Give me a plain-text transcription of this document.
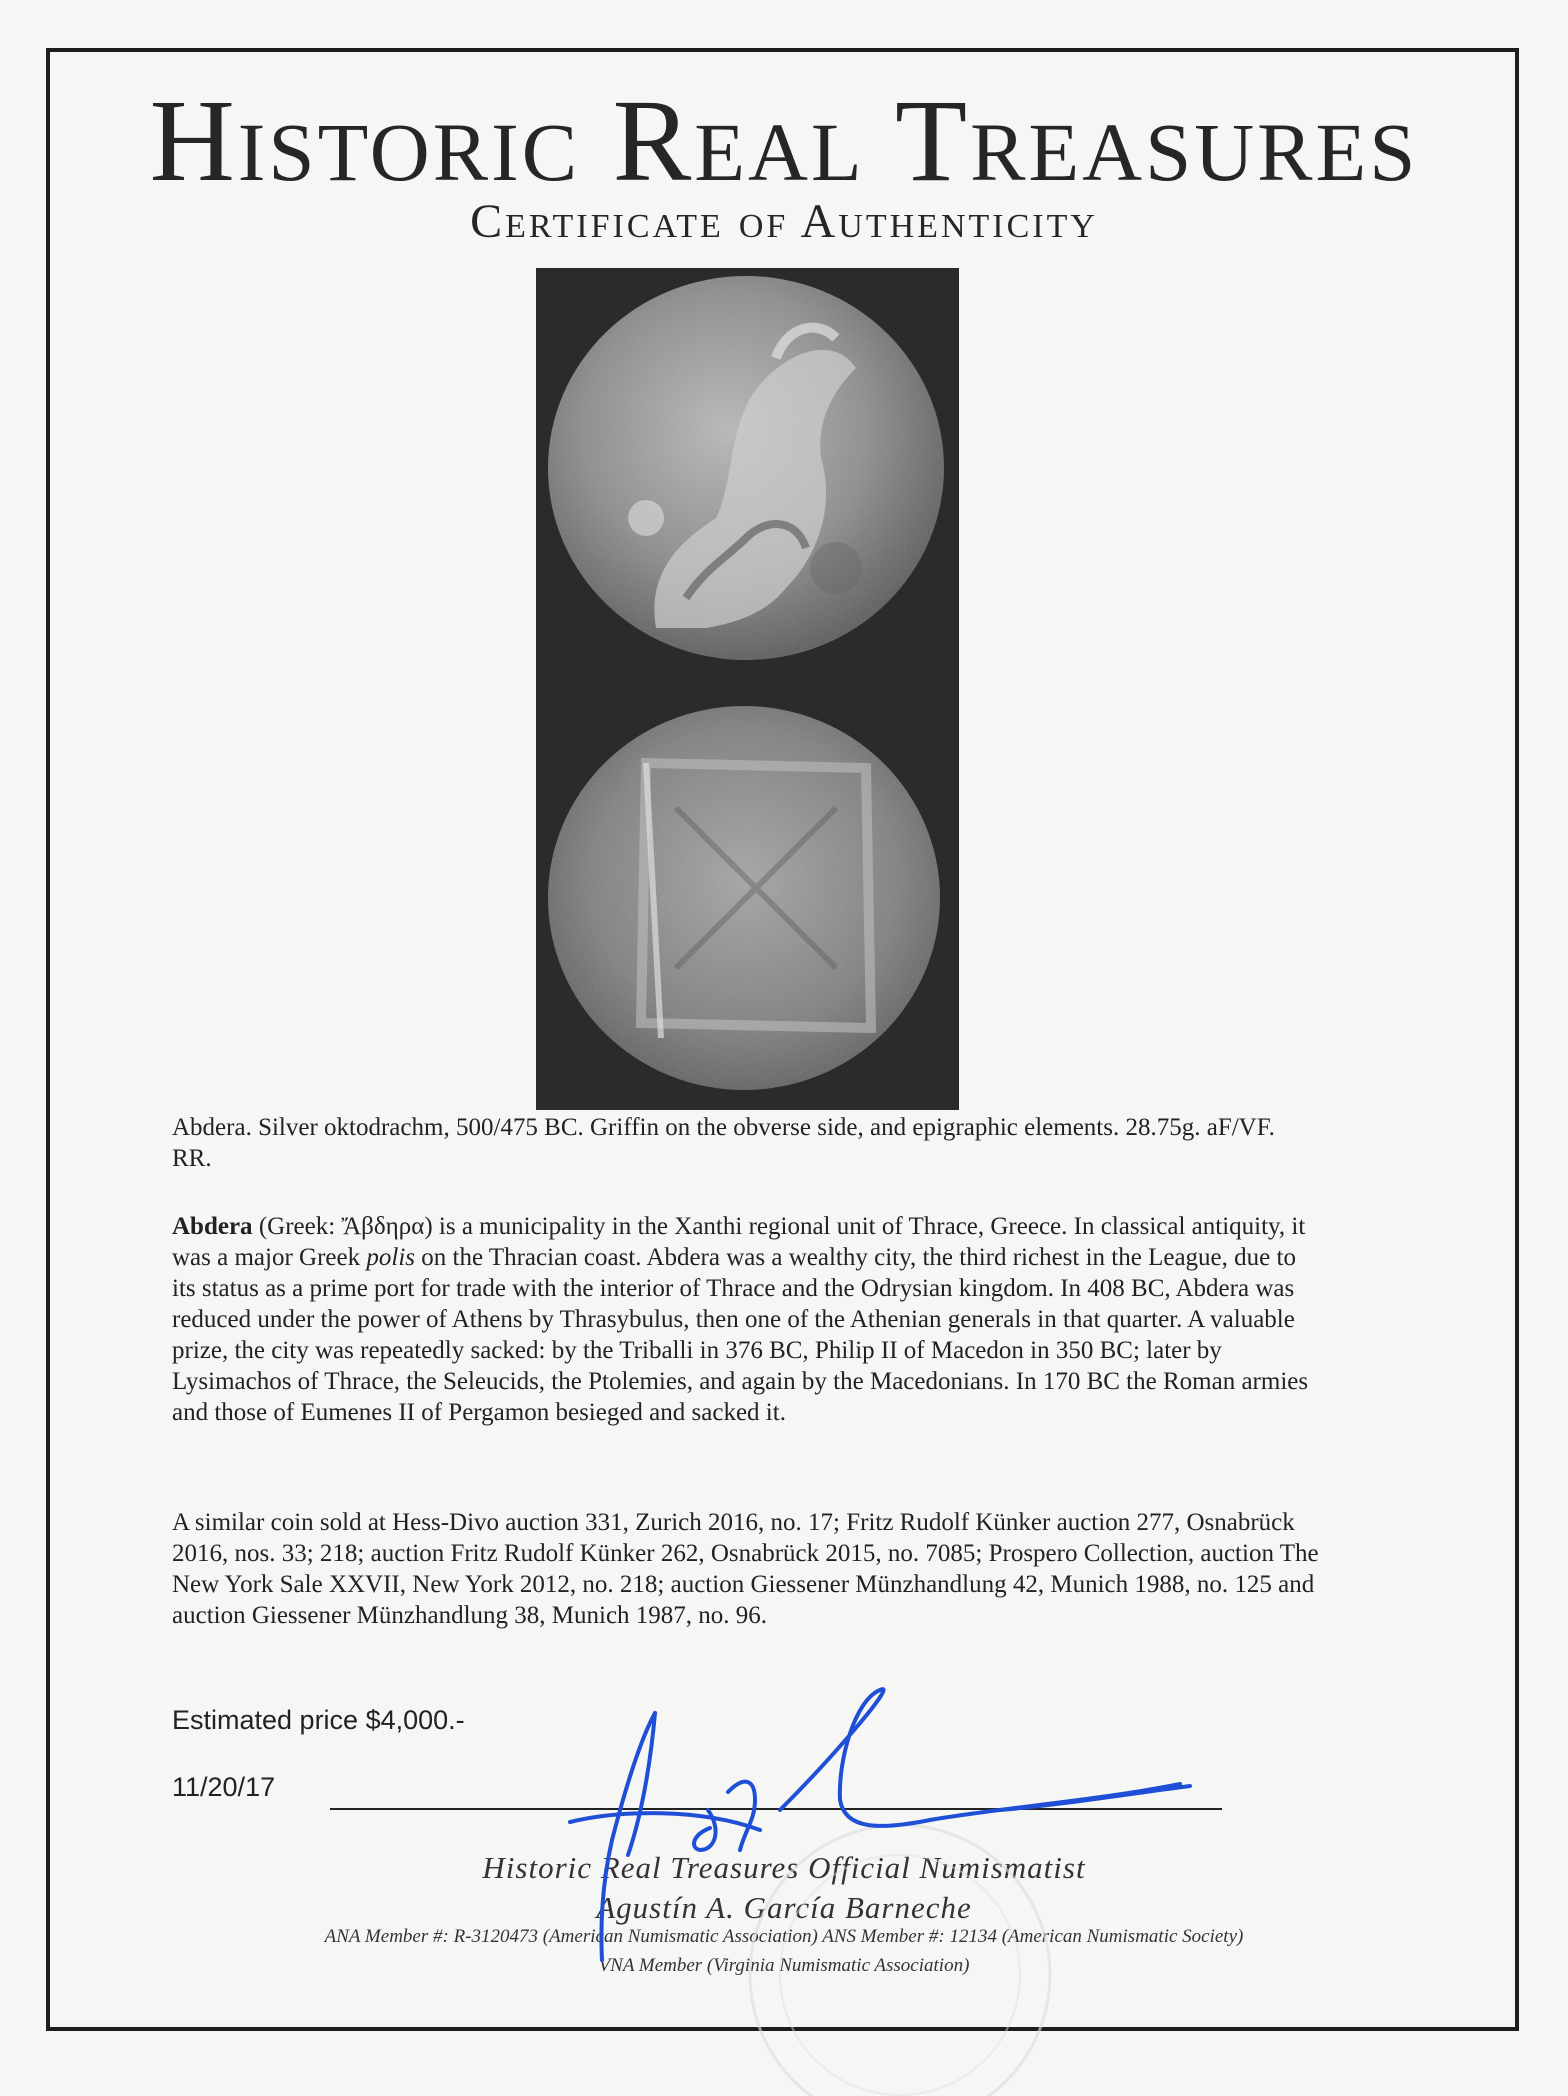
Historic Real Treasures
Certificate of Authenticity
Abdera. Silver oktodrachm, 500/475 BC. Griffin on the obverse side, and epigraphic elements. 28.75g. aF/VF. RR.
Abdera (Greek: Ἄβδηρα) is a municipality in the Xanthi regional unit of Thrace, Greece. In classical antiquity, it was a major Greek polis on the Thracian coast. Abdera was a wealthy city, the third richest in the League, due to its status as a prime port for trade with the interior of Thrace and the Odrysian kingdom. In 408 BC, Abdera was reduced under the power of Athens by Thrasybulus, then one of the Athenian generals in that quarter. A valuable prize, the city was repeatedly sacked: by the Triballi in 376 BC, Philip II of Macedon in 350 BC; later by Lysimachos of Thrace, the Seleucids, the Ptolemies, and again by the Macedonians. In 170 BC the Roman armies and those of Eumenes II of Pergamon besieged and sacked it.
A similar coin sold at Hess-Divo auction 331, Zurich 2016, no. 17; Fritz Rudolf Künker auction 277, Osnabrück 2016, nos. 33; 218; auction Fritz Rudolf Künker 262, Osnabrück 2015, no. 7085; Prospero Collection, auction The New York Sale XXVII, New York 2012, no. 218; auction Giessener Münzhandlung 42, Munich 1988, no. 125 and auction Giessener Münzhandlung 38, Munich 1987, no. 96.
Estimated price $4,000.-
11/20/17
Historic Real Treasures Official Numismatist
Agustín A. García Barneche
ANA Member #: R-3120473 (American Numismatic Association) ANS Member #: 12134 (American Numismatic Society)
VNA Member (Virginia Numismatic Association)
